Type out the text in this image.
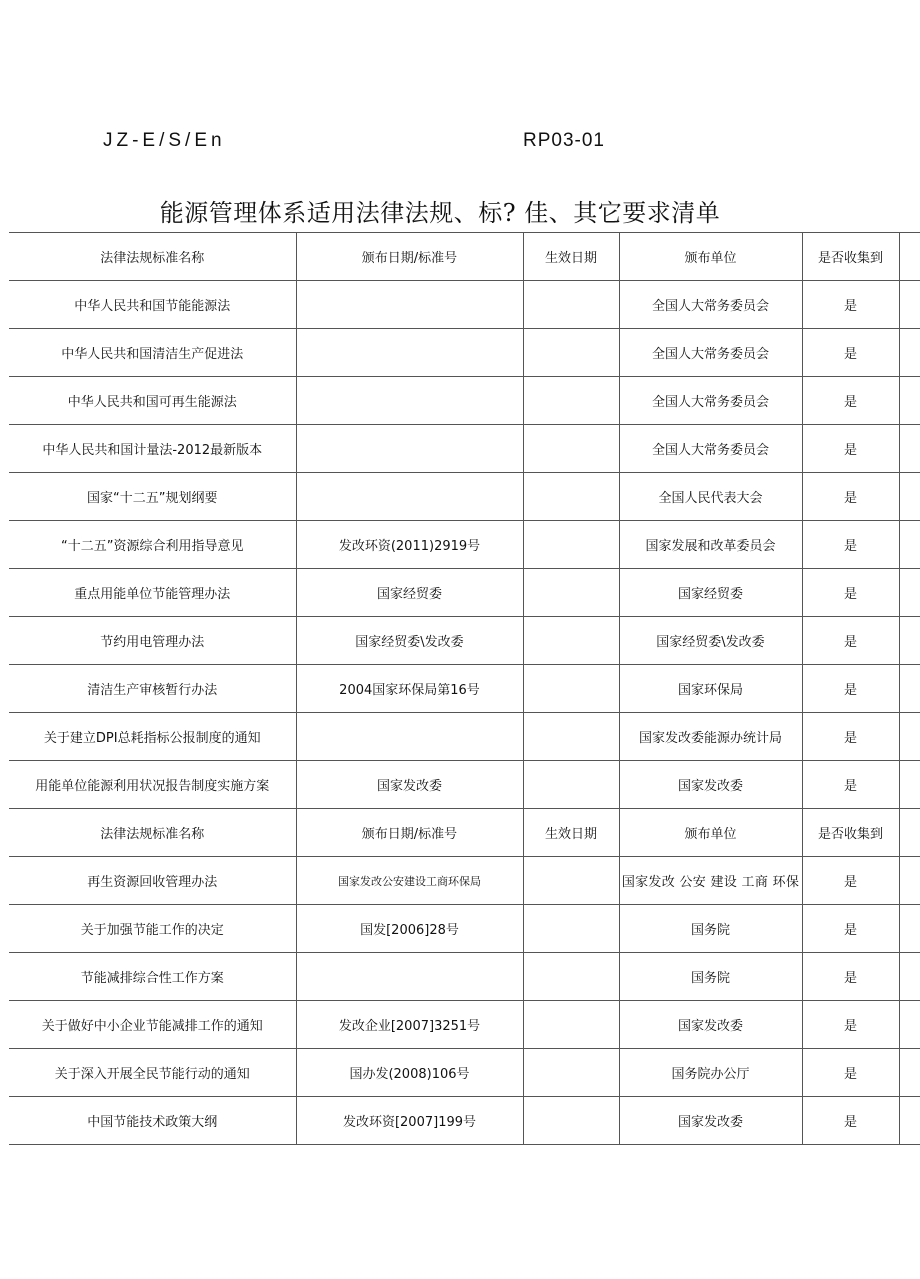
JZ-E/S/En	RP03-01
能源管理体系适用法律法规、标? 佳、其它要求清单
法律法规标准名称	颁布日期/标准号	生效日期	颁布单位	是否收集到	
中华人民共和国节能能源法			全国人大常务委员会	是	
中华人民共和国清洁生产促进法			全国人大常务委员会	是	
中华人民共和国可再生能源法			全国人大常务委员会	是	
中华人民共和国计量法-2012最新版本			全国人大常务委员会	是	
国家“十二五”规划纲要			全国人民代表大会	是	
“十二五”资源综合利用指导意见	发改环资(2011)2919号		国家发展和改革委员会	是	
重点用能单位节能管理办法	国家经贸委		国家经贸委	是	
节约用电管理办法	国家经贸委\发改委		国家经贸委\发改委	是	
清洁生产审核暂行办法	2004国家环保局第16号		国家环保局	是	
关于建立DPI总耗指标公报制度的通知			国家发改委能源办统计局	是	
用能单位能源利用状况报告制度实施方案	国家发改委		国家发改委	是	
法律法规标准名称	颁布日期/标准号	生效日期	颁布单位	是否收集到	
再生资源回收管理办法	国家发改公安建设工商环保局		国家发改 公安 建设 工商 环保	是	
关于加强节能工作的决定	国发[2006]28号		国务院	是	
节能减排综合性工作方案			国务院	是	
关于做好中小企业节能减排工作的通知	发改企业[2007]3251号		国家发改委	是	
关于深入开展全民节能行动的通知	国办发(2008)106号		国务院办公厅	是	
中国节能技术政策大纲	发改环资[2007]199号		国家发改委	是	
